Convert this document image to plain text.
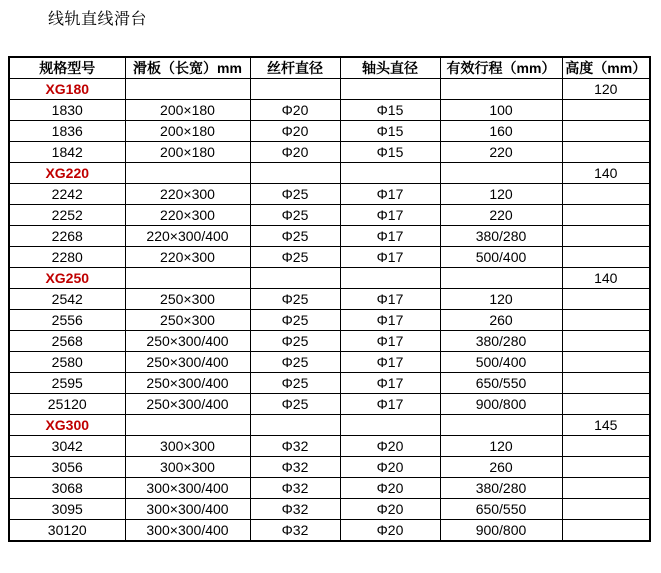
线轨直线滑台
规格型号	滑板（长宽）mm	丝杆直径	轴头直径	有效行程（mm）	高度（mm）
XG180					120
1830	200×180	Φ20	Φ15	100	
1836	200×180	Φ20	Φ15	160	
1842	200×180	Φ20	Φ15	220	
XG220					140
2242	220×300	Φ25	Φ17	120	
2252	220×300	Φ25	Φ17	220	
2268	220×300/400	Φ25	Φ17	380/280	
2280	220×300	Φ25	Φ17	500/400	
XG250					140
2542	250×300	Φ25	Φ17	120	
2556	250×300	Φ25	Φ17	260	
2568	250×300/400	Φ25	Φ17	380/280	
2580	250×300/400	Φ25	Φ17	500/400	
2595	250×300/400	Φ25	Φ17	650/550	
25120	250×300/400	Φ25	Φ17	900/800	
XG300					145
3042	300×300	Φ32	Φ20	120	
3056	300×300	Φ32	Φ20	260	
3068	300×300/400	Φ32	Φ20	380/280	
3095	300×300/400	Φ32	Φ20	650/550	
30120	300×300/400	Φ32	Φ20	900/800	
